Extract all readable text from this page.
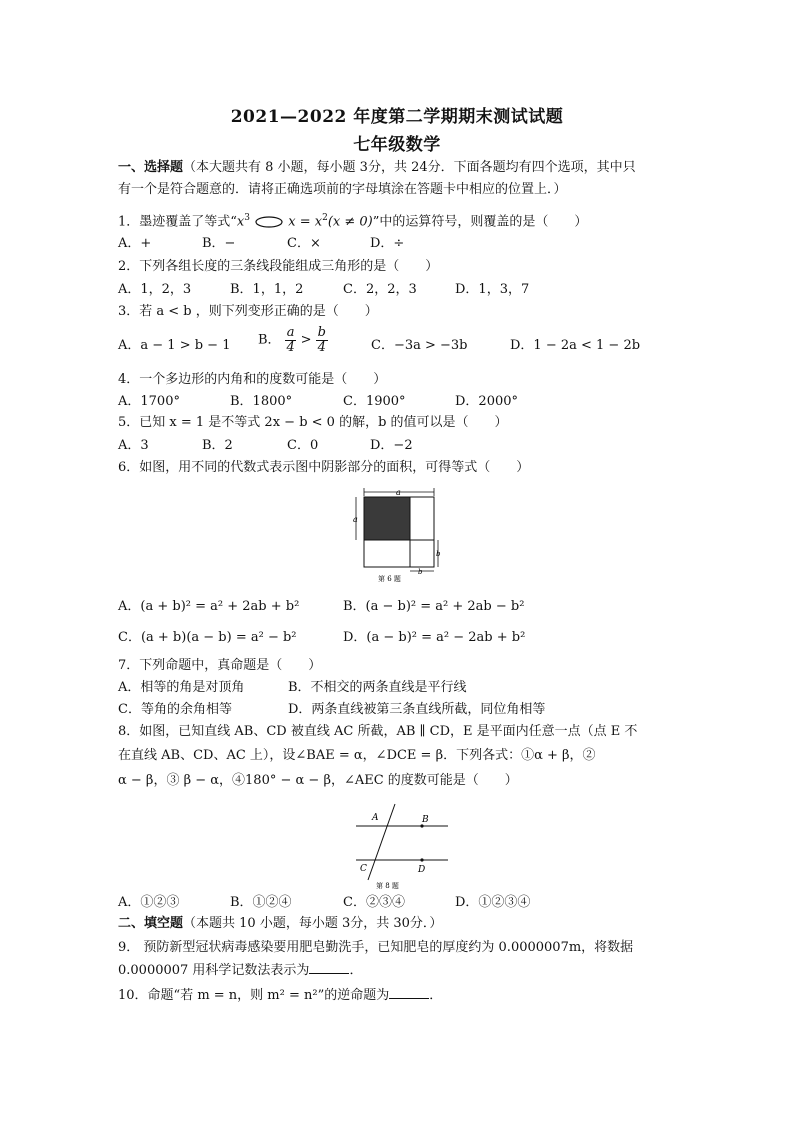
2021—2022 年度第二学期期末测试试题
七年级数学
一、选择题（本大题共有 8 小题，每小题 3分，共 24分．下面各题均有四个选项，其中只
有一个是符合题意的．请将正确选项前的字母填涂在答题卡中相应的位置上．）
1．墨迹覆盖了等式“$x^3$	$x = x^2(x \ne 0)$”中的运算符号，则覆盖的是（　　）
A．+	B．−	C．×	D．÷
2．下列各组长度的三条线段能组成三角形的是（　　）
A．1，2，3	B．1，1，2	C．2，2，3	D．1，3，7
3．若 a < b ，则下列变形正确的是（　　）
A．a − 1 > b − 1 B． $\frac{a}{4} > \frac{b}{4}$	C．−3a > −3b	D．1 − 2a < 1 − 2b
4．一个多边形的内角和的度数可能是（　　）
A．1700°	B．1800°	C．1900°	D．2000°
5．已知 x = 1 是不等式 2x − b < 0 的解，b 的值可以是（　　）
A．3	B．2	C．0	D．−2
6．如图，用不同的代数式表示图中阴影部分的面积，可得等式（　　）
a
a
b
b
第 6 题
A．(a + b)² = a² + 2ab + b²	B．(a − b)² = a² + 2ab − b²
C．(a + b)(a − b) = a² − b²	D．(a − b)² = a² − 2ab + b²
7．下列命题中，真命题是（　　）
A．相等的角是对顶角	B．不相交的两条直线是平行线
C．等角的余角相等	D．两条直线被第三条直线所截，同位角相等
8．如图，已知直线 AB、CD 被直线 AC 所截，AB ∥ CD，E 是平面内任意一点（点 E 不
在直线 AB、CD、AC 上），设∠BAE = α，∠DCE = β．下列各式：①α + β，②
α − β，③ β − α，④180° − α − β，∠AEC 的度数可能是（　　）
A	B
C	D
第 8 题
A．①②③	B．①②④	C．②③④	D．①②③④
二、填空题（本题共 10 小题，每小题 3分，共 30分．）
9． 预防新型冠状病毒感染要用肥皂勤洗手，已知肥皂的厚度约为 0.0000007m，将数据
0.0000007 用科学记数法表示为	．
10．命题“若 m = n，则 m² = n²”的逆命题为	．
